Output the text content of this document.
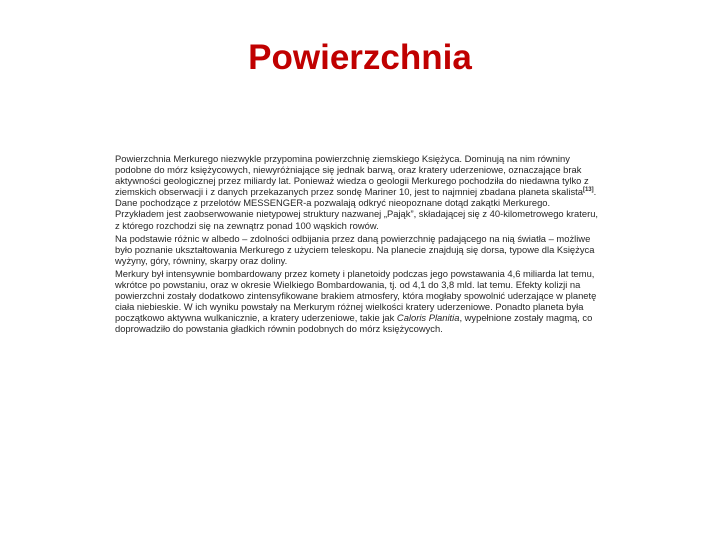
Powierzchnia

Powierzchnia Merkurego niezwykle przypomina powierzchnię ziemskiego Księżyca. Dominują na nim równiny podobne do mórz księżycowych, niewyróżniające się jednak barwą, oraz kratery uderzeniowe, oznaczające brak aktywności geologicznej przez miliardy lat. Ponieważ wiedza o geologii Merkurego pochodziła do niedawna tylko z ziemskich obserwacji i z danych przekazanych przez sondę Mariner 10, jest to najmniej zbadana planeta skalista[13]. Dane pochodzące z przelotów MESSENGER-a pozwalają odkryć nieopoznane dotąd zakątki Merkurego. Przykładem jest zaobserwowanie nietypowej struktury nazwanej „Pająk”, składającej się z 40-kilometrowego krateru, z którego rozchodzi się na zewnątrz ponad 100 wąskich rowów.

Na podstawie różnic w albedo – zdolności odbijania przez daną powierzchnię padającego na nią światła – możliwe było poznanie ukształtowania Merkurego z użyciem teleskopu. Na planecie znajdują się dorsa, typowe dla Księżyca wyżyny, góry, równiny, skarpy oraz doliny.

Merkury był intensywnie bombardowany przez komety i planetoidy podczas jego powstawania 4,6 miliarda lat temu, wkrótce po powstaniu, oraz w okresie Wielkiego Bombardowania, tj. od 4,1 do 3,8 mld. lat temu. Efekty kolizji na powierzchni zostały dodatkowo zintensyfikowane brakiem atmosfery, która mogłaby spowolnić uderzające w planetę ciała niebieskie. W ich wyniku powstały na Merkurym różnej wielkości kratery uderzeniowe. Ponadto planeta była początkowo aktywna wulkanicznie, a kratery uderzeniowe, takie jak Caloris Planitia, wypełnione zostały magmą, co doprowadziło do powstania gładkich równin podobnych do mórz księżycowych.
